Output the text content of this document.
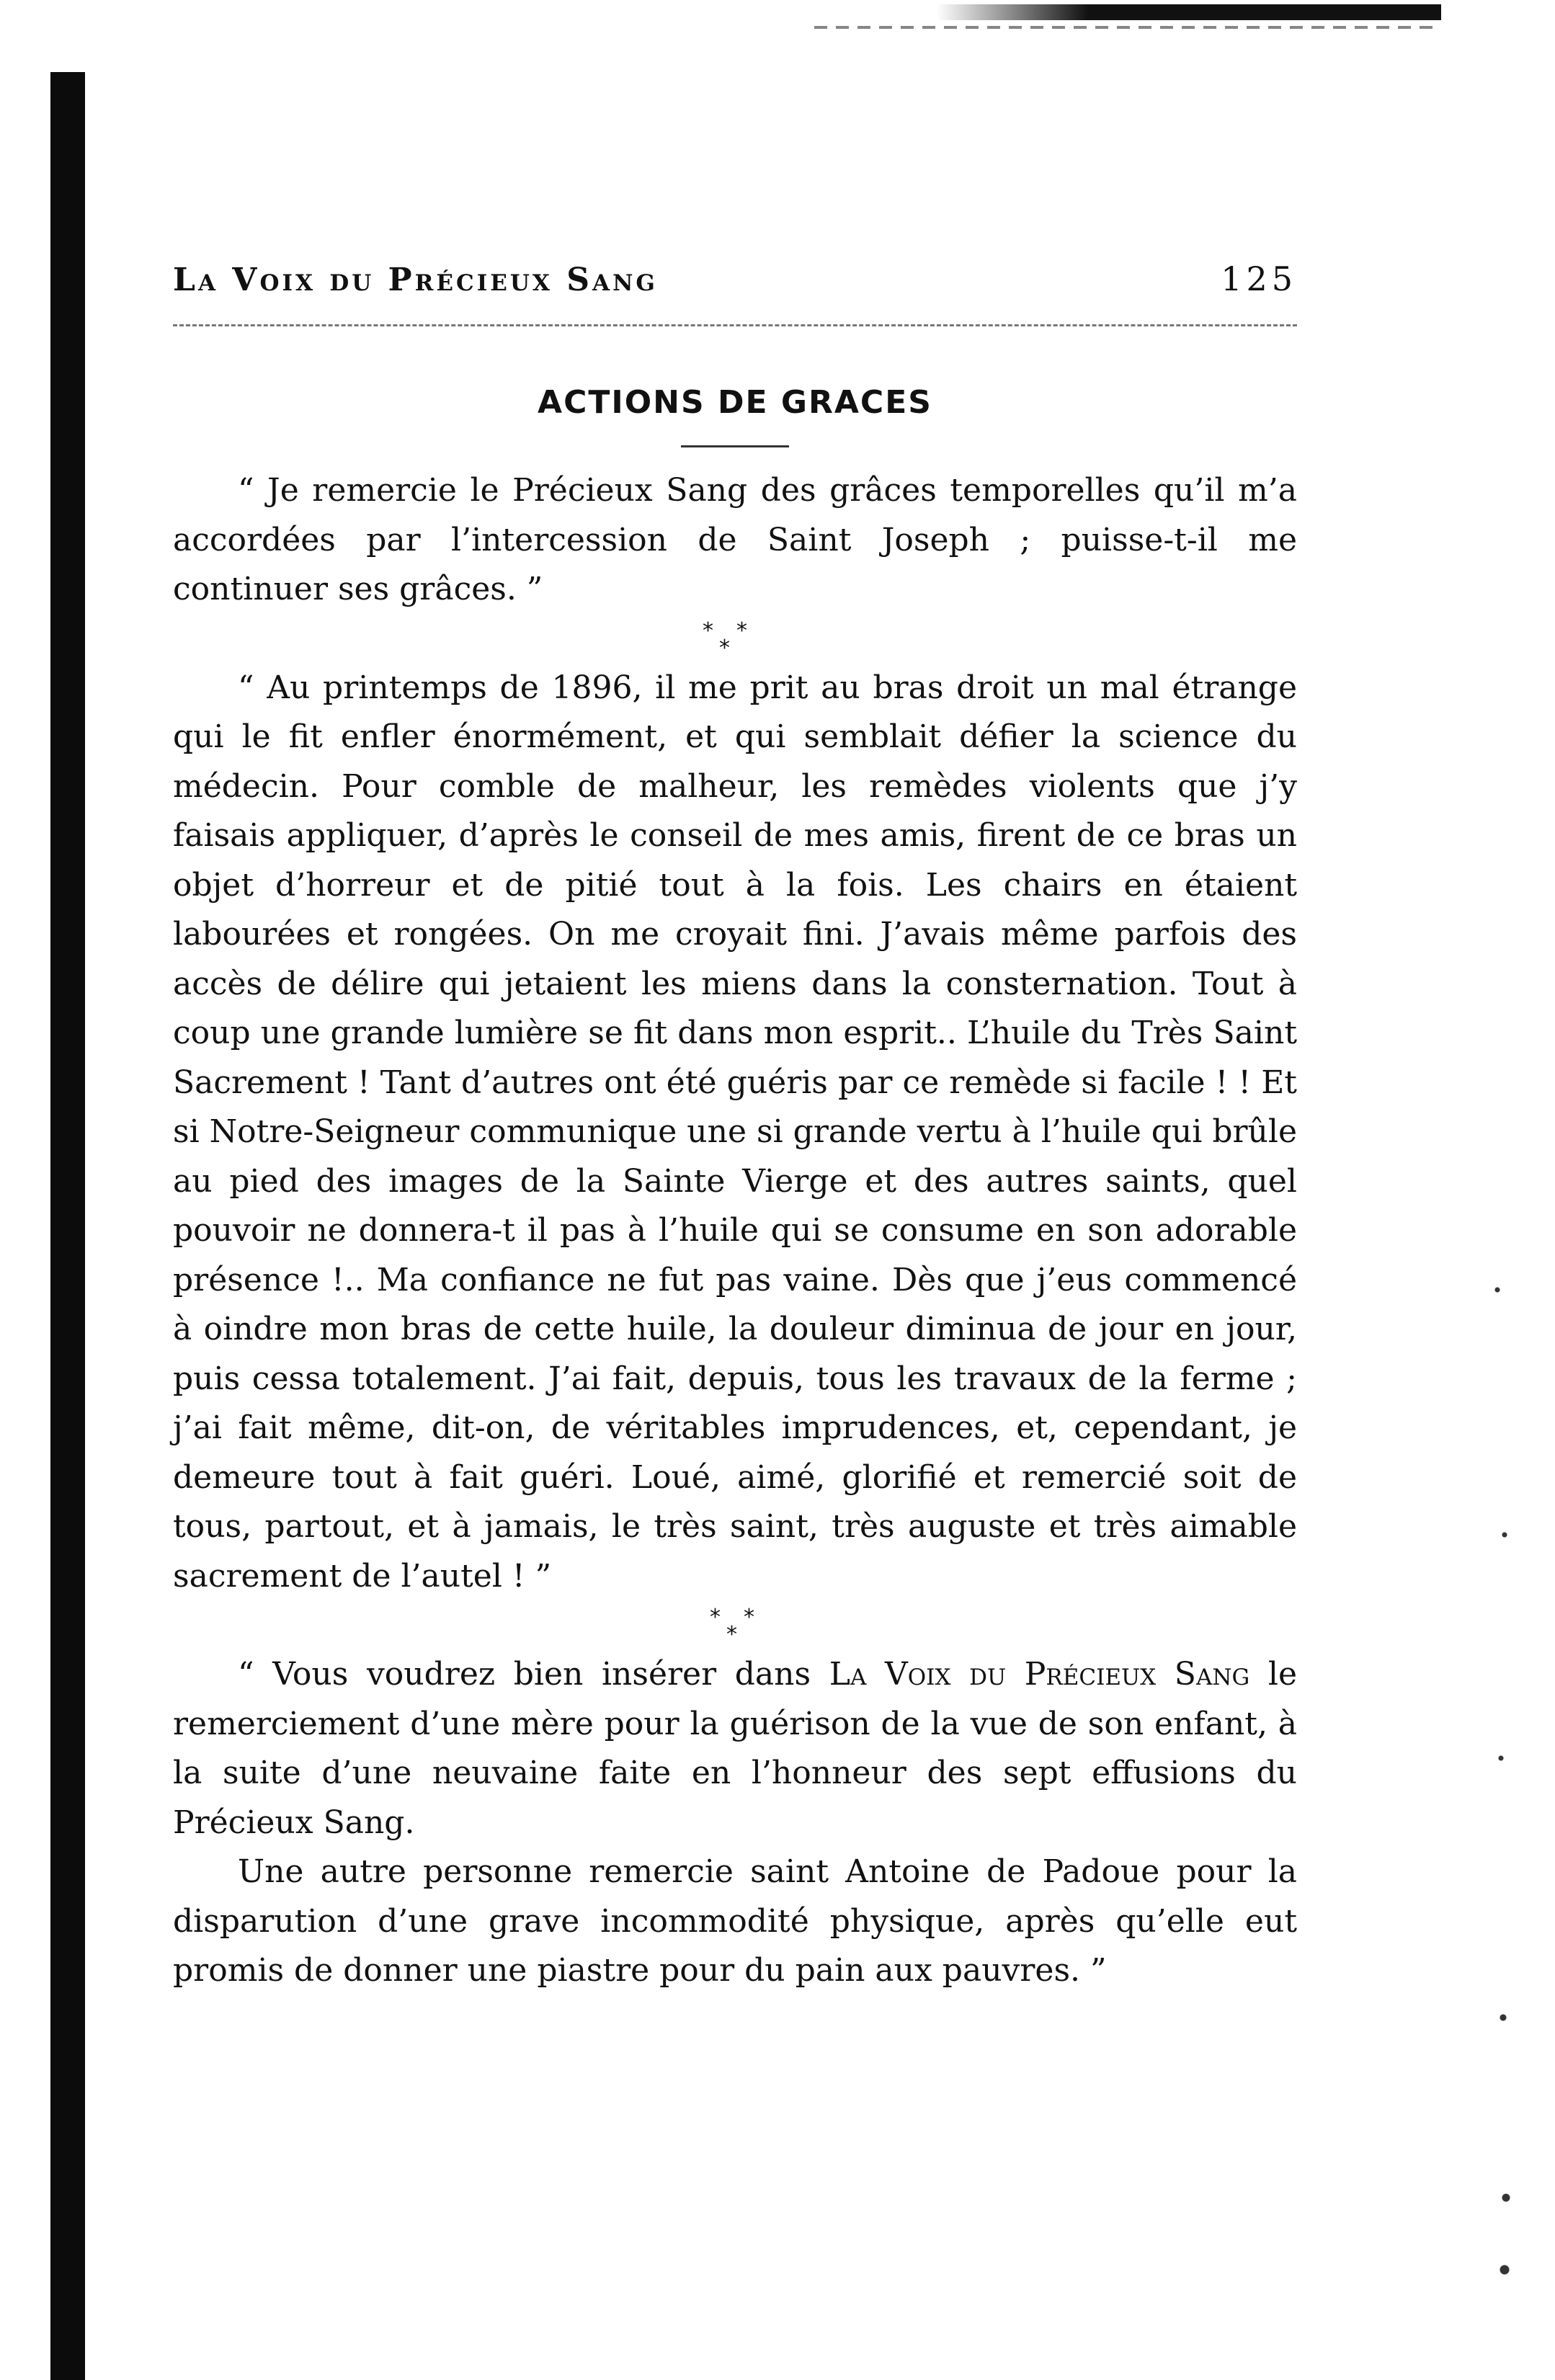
La Voix du Précieux Sang	125
ACTIONS DE GRACES

“ Je remercie le Précieux Sang des grâces temporelles qu’il m’a accordées par l’intercession de Saint Joseph ; puisse-t-il me continuer ses grâces. ”

* *
*

“ Au printemps de 1896, il me prit au bras droit un mal étrange qui le fit enfler énormément, et qui semblait défier la science du médecin. Pour comble de malheur, les remèdes violents que j’y faisais appliquer, d’après le conseil de mes amis, firent de ce bras un objet d’horreur et de pitié tout à la fois. Les chairs en étaient labourées et rongées. On me croyait fini. J’avais même parfois des accès de délire qui jetaient les miens dans la consternation. Tout à coup une grande lumière se fit dans mon esprit.. L’huile du Très Saint Sacrement ! Tant d’autres ont été guéris par ce remède si facile ! ! Et si Notre-Seigneur communique une si grande vertu à l’huile qui brûle au pied des images de la Sainte Vierge et des autres saints, quel pouvoir ne donnera-t il pas à l’huile qui se consume en son adorable présence !.. Ma confiance ne fut pas vaine. Dès que j’eus commencé à oindre mon bras de cette huile, la douleur diminua de jour en jour, puis cessa totalement. J’ai fait, depuis, tous les travaux de la ferme ; j’ai fait même, dit-on, de véritables imprudences, et, cependant, je demeure tout à fait guéri. Loué, aimé, glorifié et remercié soit de tous, partout, et à jamais, le très saint, très auguste et très aimable sacrement de l’autel ! ”

* *
*

“ Vous voudrez bien insérer dans La Voix du Précieux Sang le remerciement d’une mère pour la guérison de la vue de son enfant, à la suite d’une neuvaine faite en l’honneur des sept effusions du Précieux Sang.

Une autre personne remercie saint Antoine de Padoue pour la disparution d’une grave incommodité physique, après qu’elle eut promis de donner une piastre pour du pain aux pauvres. ”
